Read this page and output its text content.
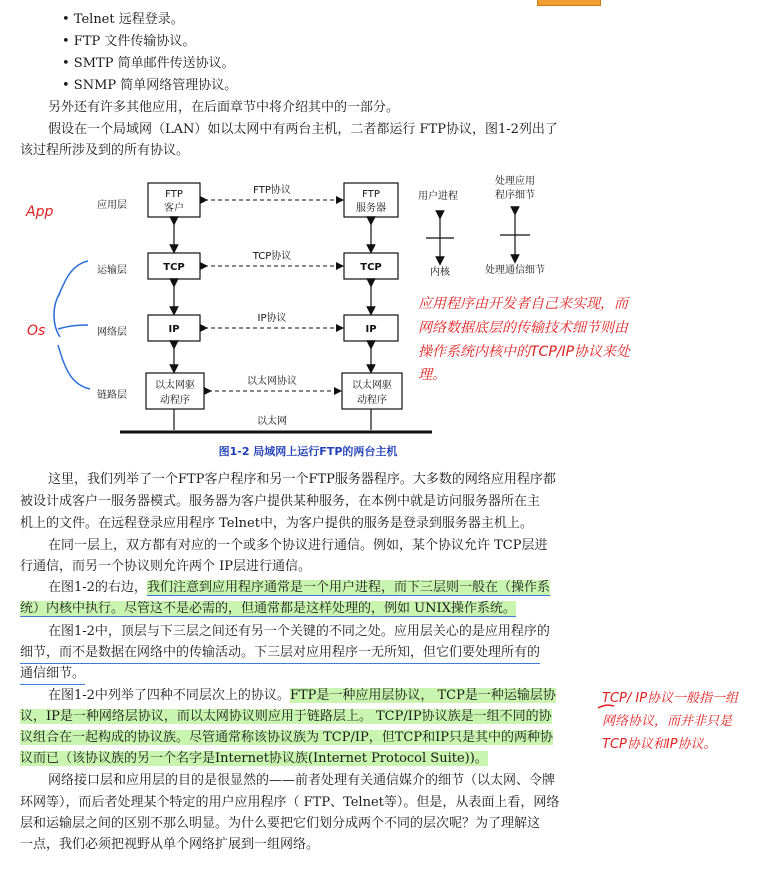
• Telnet 远程登录。
• FTP 文件传输协议。
• SMTP 简单邮件传送协议。
• SNMP 简单网络管理协议。
另外还有许多其他应用，在后面章节中将介绍其中的一部分。
假设在一个局域网（LAN）如以太网中有两台主机，二者都运行 FTP协议，图1-2列出了
该过程所涉及到的所有协议。
应用层
运输层
网络层
链路层
FTP
客户
TCP
IP
以太网驱
动程序
FTP
服务器
TCP
IP
以太网驱
动程序
FTP协议
TCP协议
IP协议
以太网协议
以太网
用户进程
内核
处理应用
程序细节
处理通信细节
图1-2 局域网上运行FTP的两台主机
App
Os
应用程序由开发者自己来实现，而
网络数据底层的传输技术细节则由
操作系统内核中的TCP/IP协议来处
理。
这里，我们列举了一个FTP客户程序和另一个FTP服务器程序。大多数的网络应用程序都
被设计成客户一服务器模式。服务器为客户提供某种服务，在本例中就是访问服务器所在主
机上的文件。在远程登录应用程序 Telnet中，为客户提供的服务是登录到服务器主机上。
在同一层上，双方都有对应的一个或多个协议进行通信。例如，某个协议允许 TCP层进
行通信，而另一个协议则允许两个 IP层进行通信。
在图1-2的右边，我们注意到应用程序通常是一个用户进程，而下三层则一般在（操作系
统）内核中执行。尽管这不是必需的，但通常都是这样处理的，例如 UNIX操作系统。
在图1-2中，顶层与下三层之间还有另一个关键的不同之处。应用层关心的是应用程序的
细节，而不是数据在网络中的传输活动。下三层对应用程序一无所知，但它们要处理所有的
通信细节。
在图1-2中列举了四种不同层次上的协议。FTP是一种应用层协议， TCP是一种运输层协
议，IP是一种网络层协议，而以太网协议则应用于链路层上。 TCP/IP协议族是一组不同的协
议组合在一起构成的协议族。尽管通常称该协议族为 TCP/IP，但TCP和IP只是其中的两种协
议而已（该协议族的另一个名字是Internet协议族(Internet Protocol Suite))。
TCP/ IP协议一般指一组
网络协议，而并非只是
TCP协议和IP协议。
网络接口层和应用层的目的是很显然的——前者处理有关通信媒介的细节（以太网、令牌
环网等），而后者处理某个特定的用户应用程序（ FTP、Telnet等）。但是，从表面上看，网络
层和运输层之间的区别不那么明显。为什么要把它们划分成两个不同的层次呢？为了理解这
一点，我们必须把视野从单个网络扩展到一组网络。
